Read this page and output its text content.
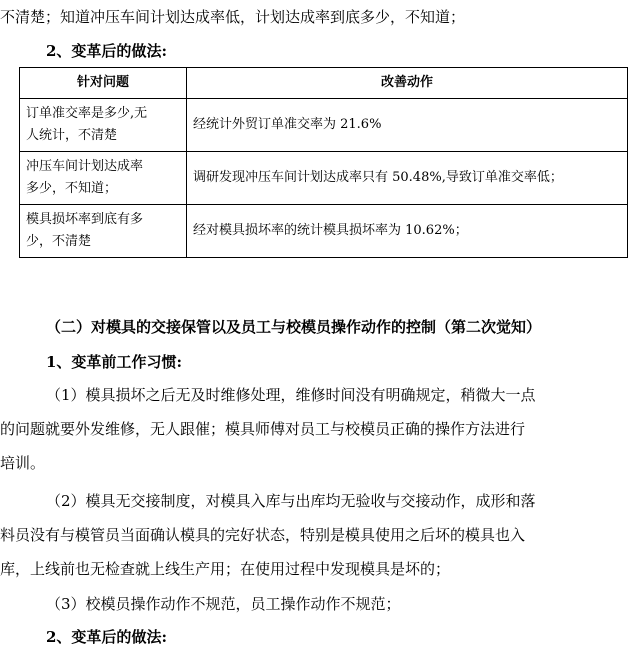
不清楚；知道冲压车间计划达成率低，计划达成率到底多少，不知道；
2、变革后的做法:
针对问题	改善动作

订单准交率是多少,无
人统计，不清楚	经统计外贸订单准交率为 21.6%

冲压车间计划达成率
多少，不知道；	调研发现冲压车间计划达成率只有 50.48%,导致订单准交率低；

模具损坏率到底有多
少，不清楚	经对模具损坏率的统计模具损坏率为 10.62%；
（二）对模具的交接保管以及员工与校模员操作动作的控制（第二次觉知）
1、变革前工作习惯:
（1）模具损坏之后无及时维修处理，维修时间没有明确规定，稍微大一点
的问题就要外发维修，无人跟催；模具师傅对员工与校模员正确的操作方法进行
培训。
（2）模具无交接制度，对模具入库与出库均无验收与交接动作，成形和落
料员没有与模管员当面确认模具的完好状态，特别是模具使用之后坏的模具也入
库，上线前也无检查就上线生产用；在使用过程中发现模具是坏的；
（3）校模员操作动作不规范，员工操作动作不规范；
2、变革后的做法:
